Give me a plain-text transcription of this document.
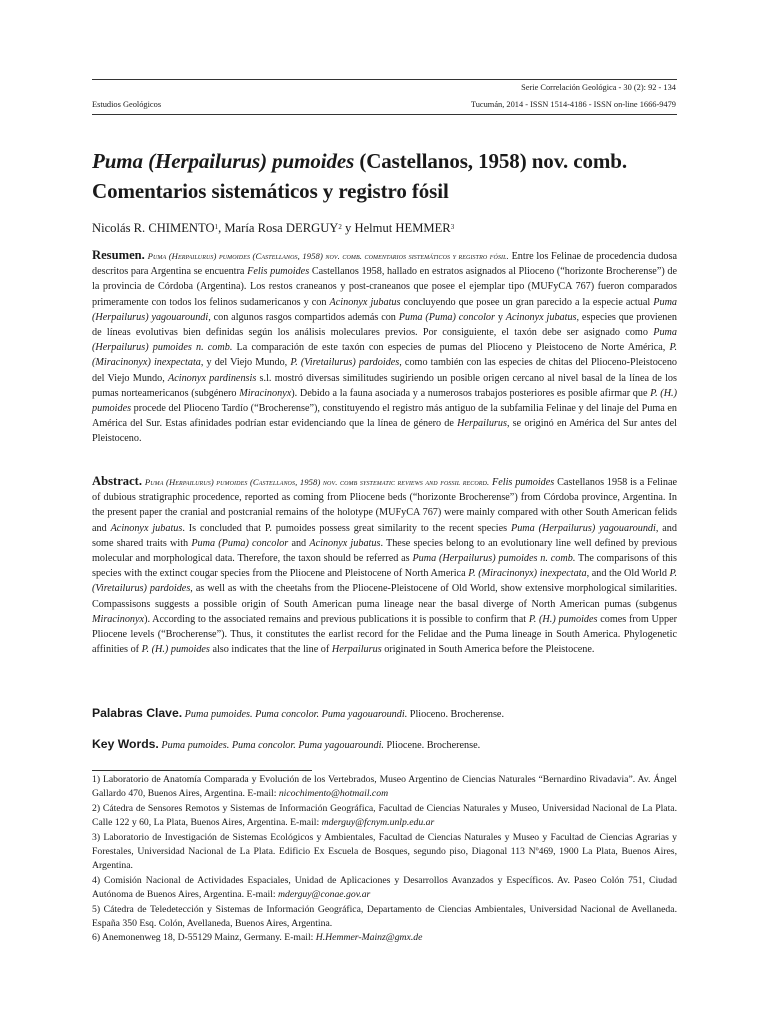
Serie Correlación Geológica - 30 (2): 92 - 134
Estudios Geológicos	Tucumán, 2014 - ISSN 1514-4186 - ISSN on-line 1666-9479
Puma (Herpailurus) pumoides (Castellanos, 1958) nov. comb. Comentarios sistemáticos y registro fósil
Nicolás R. CHIMENTO$^1$, María Rosa DERGUY$^2$ y Helmut HEMMER$^3$
Resumen. Puma (Herpailurus) pumoides (Castellanos, 1958) nov. comb. comentarios sistemáticos y registro fósil. Entre los Felinae de procedencia dudosa descritos para Argentina se encuentra Felis pumoides Castellanos 1958, hallado en estratos asignados al Plioceno (“horizonte Brocherense”) de la provincia de Córdoba (Argentina). Los restos craneanos y post-craneanos que posee el ejemplar tipo (MUFyCA 767) fueron comparados primeramente con todos los felinos sudamericanos y con Acinonyx jubatus concluyendo que posee un gran parecido a la especie actual Puma (Herpailurus) yagouaroundi, con algunos rasgos compartidos además con Puma (Puma) concolor y Acinonyx jubatus, especies que provienen de líneas evolutivas bien definidas según los análisis moleculares previos. Por consiguiente, el taxón debe ser asignado como Puma (Herpailurus) pumoides n. comb. La comparación de este taxón con especies de pumas del Plioceno y Pleistoceno de Norte América, P. (Miracinonyx) inexpectata, y del Viejo Mundo, P. (Viretailurus) pardoides, como también con las especies de chitas del Plioceno-Pleistoceno del Viejo Mundo, Acinonyx pardinensis s.l. mostró diversas similitudes sugiriendo un posible origen cercano al nivel basal de la línea de los pumas norteamericanos (subgénero Miracinonyx). Debido a la fauna asociada y a numerosos trabajos posteriores es posible afirmar que P. (H.) pumoides procede del Plioceno Tardío (“Brocherense”), constituyendo el registro más antiguo de la subfamilia Felinae y del linaje del Puma en América del Sur. Estas afinidades podrían estar evidenciando que la línea de género de Herpailurus, se originó en América del Sur antes del Pleistoceno.
Abstract. Puma (Herpailurus) pumoides (Castellanos, 1958) nov. comb systematic reviews and fossil record. Felis pumoides Castellanos 1958 is a Felinae of dubious stratigraphic procedence, reported as coming from Pliocene beds (“horizonte Brocherense”) from Córdoba province, Argentina. In the present paper the cranial and postcranial remains of the holotype (MUFyCA 767) were mainly compared with other South American felids and Acinonyx jubatus. Is concluded that P. pumoides possess great similarity to the recent species Puma (Herpailurus) yagouaroundi, and some shared traits with Puma (Puma) concolor and Acinonyx jubatus. These species belong to an evolutionary line well defined by previous molecular and morphological data. Therefore, the taxon should be referred as Puma (Herpailurus) pumoides n. comb. The comparisons of this species with the extinct cougar species from the Pliocene and Pleistocene of North America P. (Miracinonyx) inexpectata, and the Old World P. (Viretailurus) pardoides, as well as with the cheetahs from the Pliocene-Pleistocene of Old World, show extensive morphological similarities. Compassisons suggests a possible origin of South American puma lineage near the basal diverge of North American pumas (subgenus Miracinonyx). According to the associated remains and previous publications it is possible to confirm that P. (H.) pumoides comes from Upper Pliocene levels (“Brocherense”). Thus, it constitutes the earlist record for the Felidae and the Puma lineage in South America. Phylogenetic affinities of P. (H.) pumoides also indicates that the line of Herpailurus originated in South America before the Pleistocene.
Palabras Clave. Puma pumoides. Puma concolor. Puma yagouaroundi. Plioceno. Brocherense.
Key Words. Puma pumoides. Puma concolor. Puma yagouaroundi. Pliocene. Brocherense.
1) Laboratorio de Anatomía Comparada y Evolución de los Vertebrados, Museo Argentino de Ciencias Naturales “Bernardino Rivadavia”. Av. Ángel Gallardo 470, Buenos Aires, Argentina. E-mail: nicochimento@hotmail.com
2) Cátedra de Sensores Remotos y Sistemas de Información Geográfica, Facultad de Ciencias Naturales y Museo, Universidad Nacional de La Plata. Calle 122 y 60, La Plata, Buenos Aires, Argentina. E-mail: mderguy@fcnym.unlp.edu.ar
3) Laboratorio de Investigación de Sistemas Ecológicos y Ambientales, Facultad de Ciencias Naturales y Museo y Facultad de Ciencias Agrarias y Forestales, Universidad Nacional de La Plata. Edificio Ex Escuela de Bosques, segundo piso, Diagonal 113 Nº469, 1900 La Plata, Buenos Aires, Argentina.
4) Comisión Nacional de Actividades Espaciales, Unidad de Aplicaciones y Desarrollos Avanzados y Específicos. Av. Paseo Colón 751, Ciudad Autónoma de Buenos Aires, Argentina. E-mail: mderguy@conae.gov.ar
5) Cátedra de Teledetección y Sistemas de Información Geográfica, Departamento de Ciencias Ambientales, Universidad Nacional de Avellaneda. España 350 Esq. Colón, Avellaneda, Buenos Aires, Argentina.
6) Anemonenweg 18, D-55129 Mainz, Germany. E-mail: H.Hemmer-Mainz@gmx.de
